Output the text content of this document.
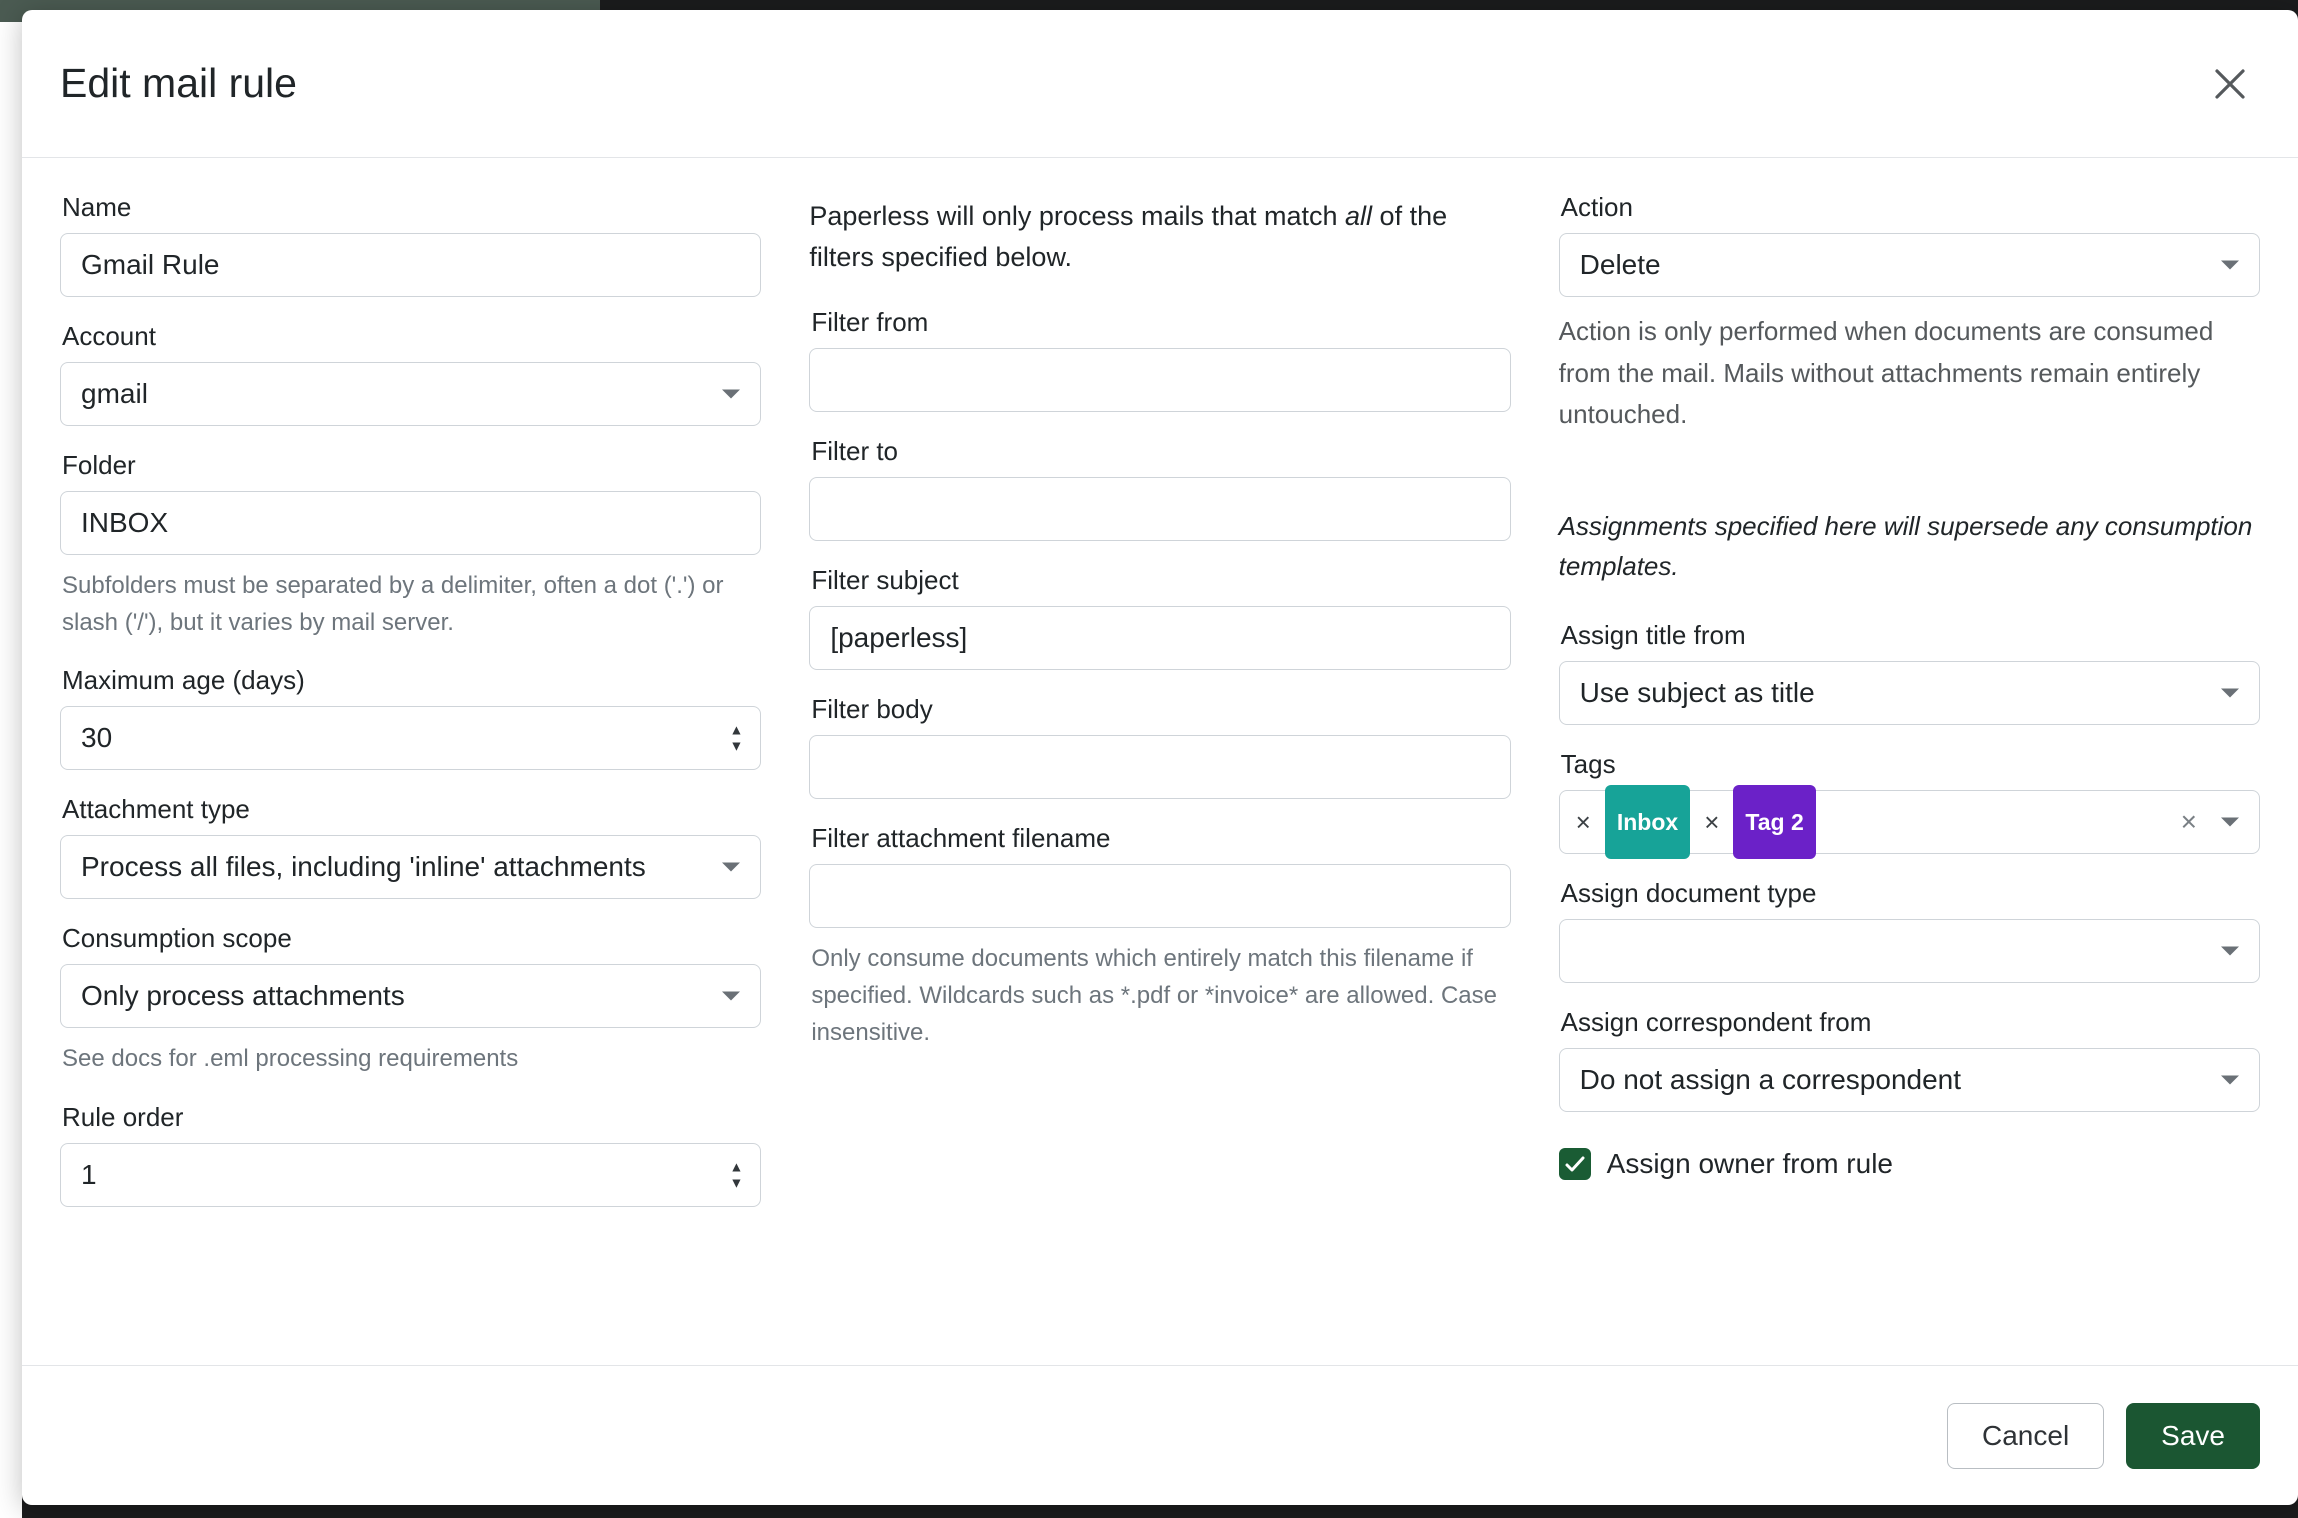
Edit mail rule
Name
Gmail Rule
Account
gmail
Folder
INBOX
Subfolders must be separated by a delimiter, often a dot ('.') or slash ('/'), but it varies by mail server.
Maximum age (days)
30	▲
▼
Attachment type
Process all files, including 'inline' attachments
Consumption scope
Only process attachments
See docs for .eml processing requirements
Rule order
1	▲
▼
Paperless will only process mails that match all of the filters specified below.
Filter from
Filter to
Filter subject
[paperless]
Filter body
Filter attachment filename
Only consume documents which entirely match this filename if specified. Wildcards such as *.pdf or *invoice* are allowed. Case insensitive.
Action
Delete
Action is only performed when documents are consumed from the mail. Mails without attachments remain entirely untouched.
Assignments specified here will supersede any consumption templates.
Assign title from
Use subject as title
Tags
× Inbox × Tag 2	×
Assign document type
Assign correspondent from
Do not assign a correspondent
Assign owner from rule
Cancel	Save
